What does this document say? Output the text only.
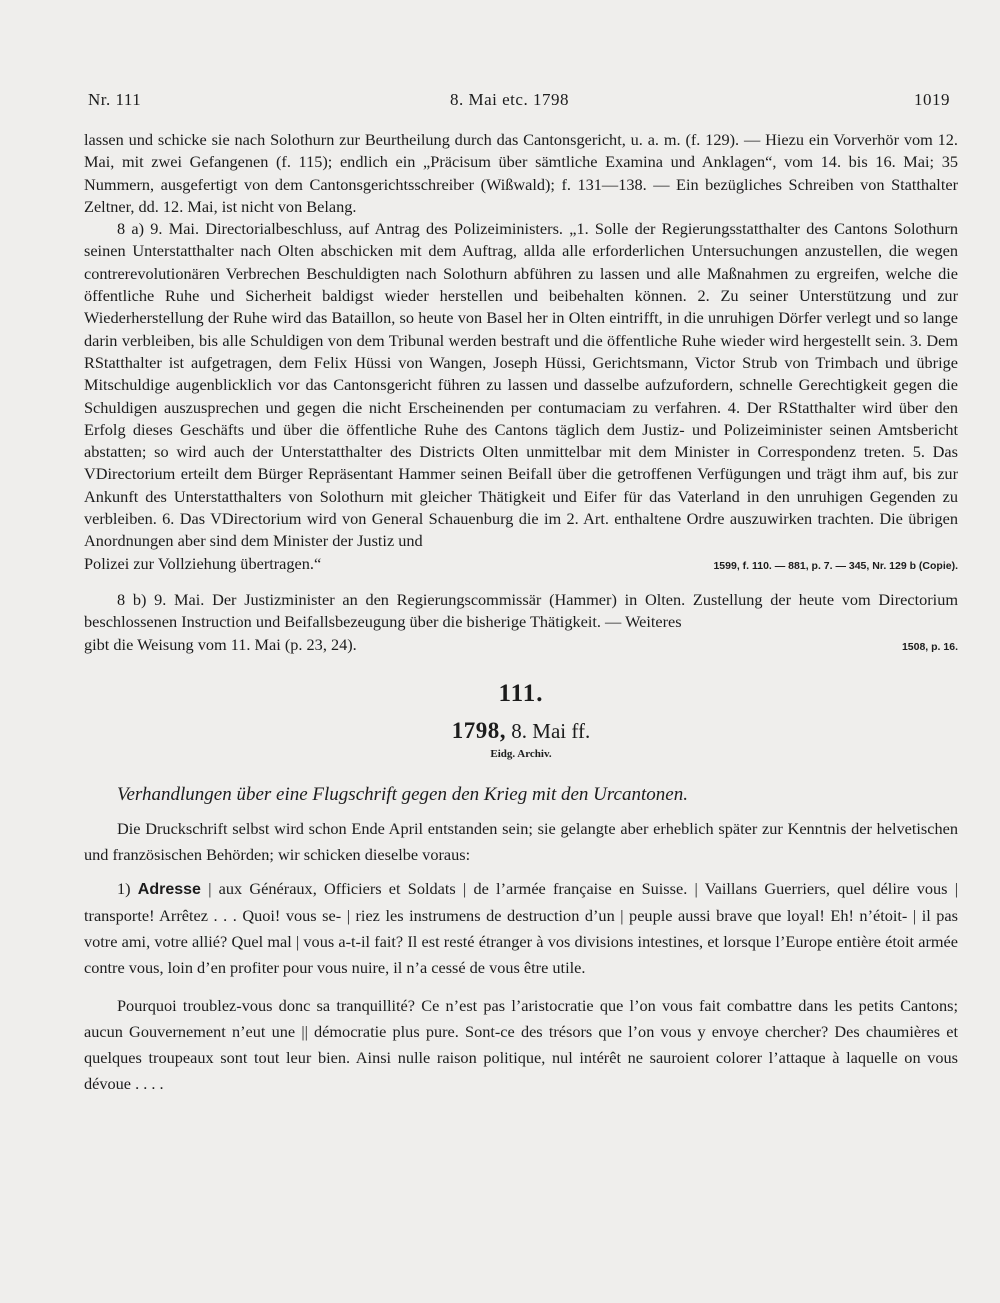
Nr. 111	8. Mai etc. 1798	1019

lassen und schicke sie nach Solothurn zur Beurtheilung durch das Cantonsgericht, u. a. m. (f. 129). — Hiezu ein Vorverhör vom 12. Mai, mit zwei Gefangenen (f. 115); endlich ein „Präcisum über sämtliche Examina und Anklagen“, vom 14. bis 16. Mai; 35 Nummern, ausgefertigt von dem Cantonsgerichtsschreiber (Wißwald); f. 131—138. — Ein bezügliches Schreiben von Statthalter Zeltner, dd. 12. Mai, ist nicht von Belang.

8 a) 9. Mai. Directorialbeschluss, auf Antrag des Polizeiministers. „1. Solle der Regierungsstatthalter des Cantons Solothurn seinen Unterstatthalter nach Olten abschicken mit dem Auftrag, allda alle erforderlichen Untersuchungen anzustellen, die wegen contrerevolutionären Verbrechen Beschuldigten nach Solothurn abführen zu lassen und alle Maßnahmen zu ergreifen, welche die öffentliche Ruhe und Sicherheit baldigst wieder herstellen und beibehalten können. 2. Zu seiner Unterstützung und zur Wiederherstellung der Ruhe wird das Bataillon, so heute von Basel her in Olten eintrifft, in die unruhigen Dörfer verlegt und so lange darin verbleiben, bis alle Schuldigen von dem Tribunal werden bestraft und die öffentliche Ruhe wieder wird hergestellt sein. 3. Dem RStatthalter ist aufgetragen, dem Felix Hüssi von Wangen, Joseph Hüssi, Gerichtsmann, Victor Strub von Trimbach und übrige Mitschuldige augenblicklich vor das Cantonsgericht führen zu lassen und dasselbe aufzufordern, schnelle Gerechtigkeit gegen die Schuldigen auszusprechen und gegen die nicht Erscheinenden per contumaciam zu verfahren. 4. Der RStatthalter wird über den Erfolg dieses Geschäfts und über die öffentliche Ruhe des Cantons täglich dem Justiz- und Polizeiminister seinen Amtsbericht abstatten; so wird auch der Unterstatthalter des Districts Olten unmittelbar mit dem Minister in Correspondenz treten. 5. Das VDirectorium erteilt dem Bürger Repräsentant Hammer seinen Beifall über die getroffenen Verfügungen und trägt ihm auf, bis zur Ankunft des Unterstatthalters von Solothurn mit gleicher Thätigkeit und Eifer für das Vaterland in den unruhigen Gegenden zu verbleiben. 6. Das VDirectorium wird von General Schauenburg die im 2. Art. enthaltene Ordre auszuwirken trachten. Die übrigen Anordnungen aber sind dem Minister der Justiz und

Polizei zur Vollziehung übertragen.“	1599, f. 110. — 881, p. 7. — 345, Nr. 129 b (Copie).

8 b) 9. Mai. Der Justizminister an den Regierungscommissär (Hammer) in Olten. Zustellung der heute vom Directorium beschlossenen Instruction und Beifallsbezeugung über die bisherige Thätigkeit. — Weiteres

gibt die Weisung vom 11. Mai (p. 23, 24).	1508, p. 16.

111.

1798, 8. Mai ff.

Eidg. Archiv.

Verhandlungen über eine Flugschrift gegen den Krieg mit den Urcantonen.

Die Druckschrift selbst wird schon Ende April entstanden sein; sie gelangte aber erheblich später zur Kenntnis der helvetischen und französischen Behörden; wir schicken dieselbe voraus:

1) Adresse | aux Généraux, Officiers et Soldats | de l’armée française en Suisse. | Vaillans Guerriers, quel délire vous | transporte! Arrêtez . . . Quoi! vous se- | riez les instrumens de destruction d’un | peuple aussi brave que loyal! Eh! n’étoit- | il pas votre ami, votre allié? Quel mal | vous a-t-il fait? Il est resté étranger à vos divisions intestines, et lorsque l’Europe entière étoit armée contre vous, loin d’en profiter pour vous nuire, il n’a cessé de vous être utile.

Pourquoi troublez-vous donc sa tranquillité? Ce n’est pas l’aristocratie que l’on vous fait combattre dans les petits Cantons; aucun Gouvernement n’eut une || démocratie plus pure. Sont-ce des trésors que l’on vous y envoye chercher? Des chaumières et quelques troupeaux sont tout leur bien. Ainsi nulle raison politique, nul intérêt ne sauroient colorer l’attaque à laquelle on vous dévoue . . . .
